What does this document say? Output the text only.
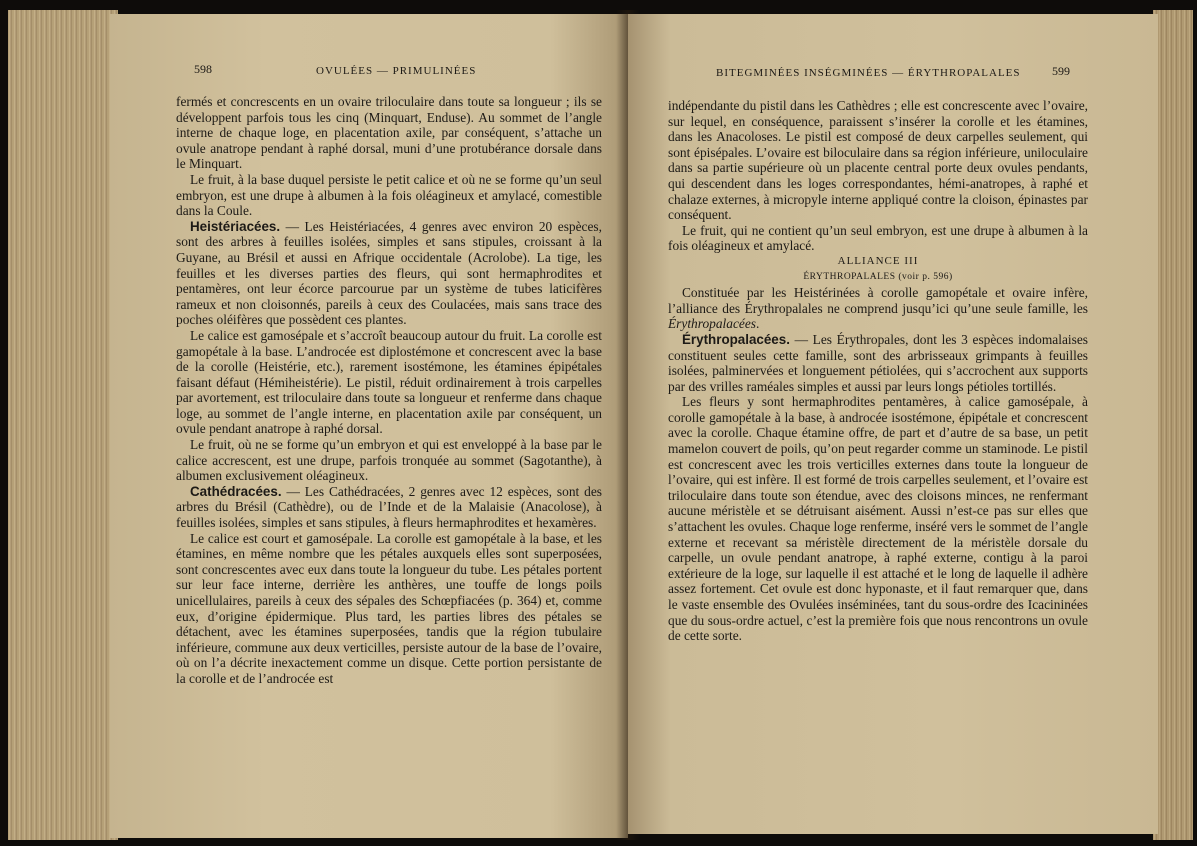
598	OVULÉES — PRIMULINÉES

fermés et concrescents en un ovaire triloculaire dans toute sa longueur ; ils se développent parfois tous les cinq (Minquart, Enduse). Au sommet de l’angle interne de chaque loge, en placentation axile, par conséquent, s’attache un ovule anatrope pendant à raphé dorsal, muni d’une protubérance dorsale dans le Minquart.

Le fruit, à la base duquel persiste le petit calice et où ne se forme qu’un seul embryon, est une drupe à albumen à la fois oléagineux et amylacé, comestible dans la Coule.

Heistériacées. — Les Heistériacées, 4 genres avec environ 20 espèces, sont des arbres à feuilles isolées, simples et sans stipules, croissant à la Guyane, au Brésil et aussi en Afrique occidentale (Acrolobe). La tige, les feuilles et les diverses parties des fleurs, qui sont hermaphrodites et pentamères, ont leur écorce parcourue par un système de tubes laticifères rameux et non cloisonnés, pareils à ceux des Coulacées, mais sans trace des poches oléifères que possèdent ces plantes.

Le calice est gamosépale et s’accroît beaucoup autour du fruit. La corolle est gamopétale à la base. L’androcée est diplostémone et concrescent avec la base de la corolle (Heistérie, etc.), rarement isostémone, les étamines épipétales faisant défaut (Hémiheistérie). Le pistil, réduit ordinairement à trois carpelles par avortement, est triloculaire dans toute sa longueur et renferme dans chaque loge, au sommet de l’angle interne, en placentation axile par conséquent, un ovule pendant anatrope à raphé dorsal.

Le fruit, où ne se forme qu’un embryon et qui est enveloppé à la base par le calice accrescent, est une drupe, parfois tronquée au sommet (Sagotanthe), à albumen exclusivement oléagineux.

Cathédracées. — Les Cathédracées, 2 genres avec 12 espèces, sont des arbres du Brésil (Cathèdre), ou de l’Inde et de la Malaisie (Anacolose), à feuilles isolées, simples et sans stipules, à fleurs hermaphrodites et hexamères.

Le calice est court et gamosépale. La corolle est gamopétale à la base, et les étamines, en même nombre que les pétales auxquels elles sont superposées, sont concrescentes avec eux dans toute la longueur du tube. Les pétales portent sur leur face interne, derrière les anthères, une touffe de longs poils unicellulaires, pareils à ceux des sépales des Schœpfiacées (p. 364) et, comme eux, d’origine épidermique. Plus tard, les parties libres des pétales se détachent, avec les étamines superposées, tandis que la région tubulaire inférieure, commune aux deux verticilles, persiste autour de la base de l’ovaire, où on l’a décrite inexactement comme un disque. Cette portion persistante de la corolle et de l’androcée est

BITEGMINÉES INSÉGMINÉES — ÉRYTHROPALALES	599

indépendante du pistil dans les Cathèdres ; elle est concrescente avec l’ovaire, sur lequel, en conséquence, paraissent s’insérer la corolle et les étamines, dans les Anacoloses. Le pistil est composé de deux carpelles seulement, qui sont épisépales. L’ovaire est biloculaire dans sa région inférieure, uniloculaire dans sa partie supérieure où un placente central porte deux ovules pendants, qui descendent dans les loges correspondantes, hémi-anatropes, à raphé et chalaze externes, à micropyle interne appliqué contre la cloison, épinastes par conséquent.

Le fruit, qui ne contient qu’un seul embryon, est une drupe à albumen à la fois oléagineux et amylacé.

ALLIANCE III

ÉRYTHROPALALES (voir p. 596)

Constituée par les Heistérinées à corolle gamopétale et ovaire infère, l’alliance des Érythropalales ne comprend jusqu’ici qu’une seule famille, les Érythropalacées.

Érythropalacées. — Les Érythropales, dont les 3 espèces indomalaises constituent seules cette famille, sont des arbrisseaux grimpants à feuilles isolées, palminervées et longuement pétiolées, qui s’accrochent aux supports par des vrilles raméales simples et aussi par leurs longs pétioles tortillés.

Les fleurs y sont hermaphrodites pentamères, à calice gamosépale, à corolle gamopétale à la base, à androcée isostémone, épipétale et concrescent avec la corolle. Chaque étamine offre, de part et d’autre de sa base, un petit mamelon couvert de poils, qu’on peut regarder comme un staminode. Le pistil est concrescent avec les trois verticilles externes dans toute la longueur de l’ovaire, qui est infère. Il est formé de trois carpelles seulement, et l’ovaire est triloculaire dans toute son étendue, avec des cloisons minces, ne renfermant aucune méristèle et se détruisant aisément. Aussi n’est-ce pas sur elles que s’attachent les ovules. Chaque loge renferme, inséré vers le sommet de l’angle externe et recevant sa méristèle directement de la méristèle dorsale du carpelle, un ovule pendant anatrope, à raphé externe, contigu à la paroi extérieure de la loge, sur laquelle il est attaché et le long de laquelle il adhère assez fortement. Cet ovule est donc hyponaste, et il faut remarquer que, dans le vaste ensemble des Ovulées inséminées, tant du sous-ordre des Icacininées que du sous-ordre actuel, c’est la première fois que nous rencontrons un ovule de cette sorte.
